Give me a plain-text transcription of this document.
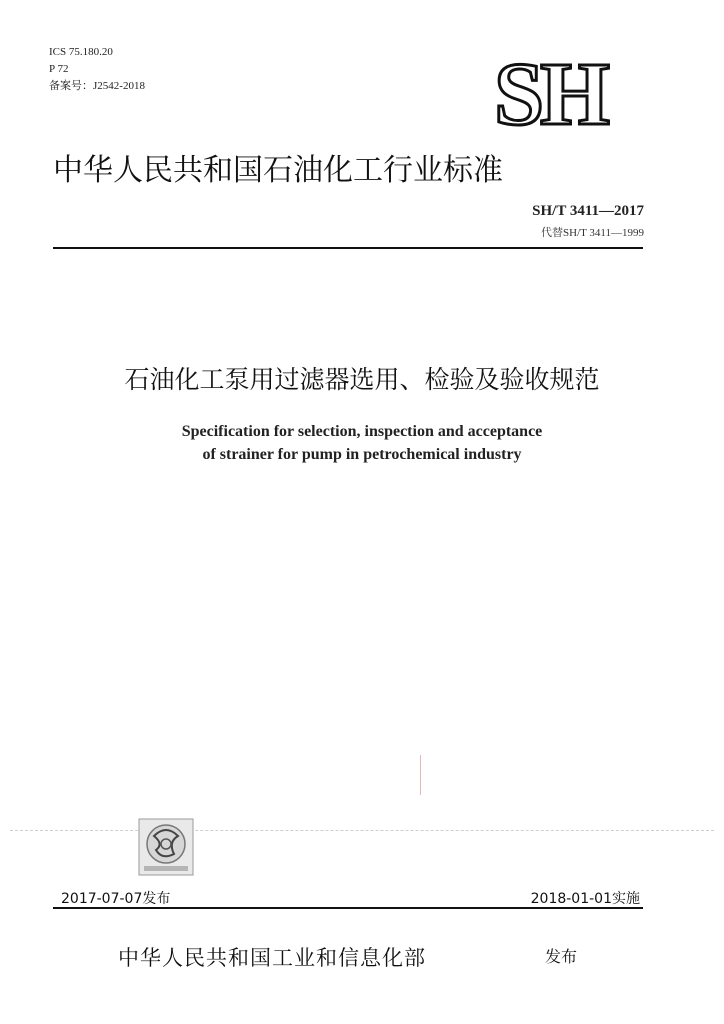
ICS 75.180.20
P 72
备案号：J2542-2018	SH
中华人民共和国石油化工行业标准
SH/T 3411—2017
代替SH/T 3411—1999
石油化工泵用过滤器选用、检验及验收规范
Specification for selection, inspection and acceptance
of strainer for pump in petrochemical industry
2017-07-07发布	2018-01-01实施
中华人民共和国工业和信息化部	发布
